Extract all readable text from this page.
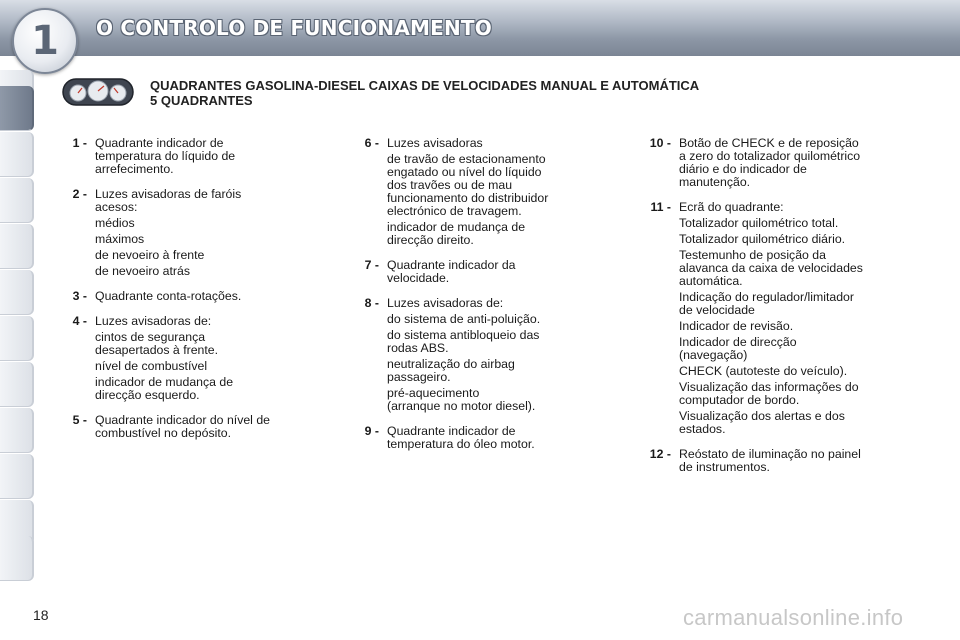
1	O CONTROLO DE FUNCIONAMENTO
QUADRANTES GASOLINA-DIESEL CAIXAS DE VELOCIDADES MANUAL E AUTOMÁTICA
5 QUADRANTES
1 - Quadrante indicador de
temperatura do líquido de
arrefecimento.
2 - Luzes avisadoras de faróis
acesos:
médios
máximos
de nevoeiro à frente
de nevoeiro atrás
3 - Quadrante conta-rotações.
4 - Luzes avisadoras de:
cintos de segurança
desapertados à frente.
nível de combustível
indicador de mudança de
direcção esquerdo.
5 - Quadrante indicador do nível de
combustível no depósito.
6 - Luzes avisadoras
de travão de estacionamento
engatado ou nível do líquido
dos travões ou de mau
funcionamento do distribuidor
electrónico de travagem.
indicador de mudança de
direcção direito.
7 - Quadrante indicador da
velocidade.
8 - Luzes avisadoras de:
do sistema de anti-poluição.
do sistema antibloqueio das
rodas ABS.
neutralização do airbag
passageiro.
pré-aquecimento
(arranque no motor diesel).
9 - Quadrante indicador de
temperatura do óleo motor.
10 - Botão de CHECK e de reposição
a zero do totalizador quilométrico
diário e do indicador de
manutenção.
11 - Ecrã do quadrante:
Totalizador quilométrico total.
Totalizador quilométrico diário.
Testemunho de posição da
alavanca da caixa de velocidades
automática.
Indicação do regulador/limitador
de velocidade
Indicador de revisão.
Indicador de direcção
(navegação)
CHECK (autoteste do veículo).
Visualização das informações do
computador de bordo.
Visualização dos alertas e dos
estados.
12 - Reóstato de iluminação no painel
de instrumentos.
18	carmanualsonline.info
